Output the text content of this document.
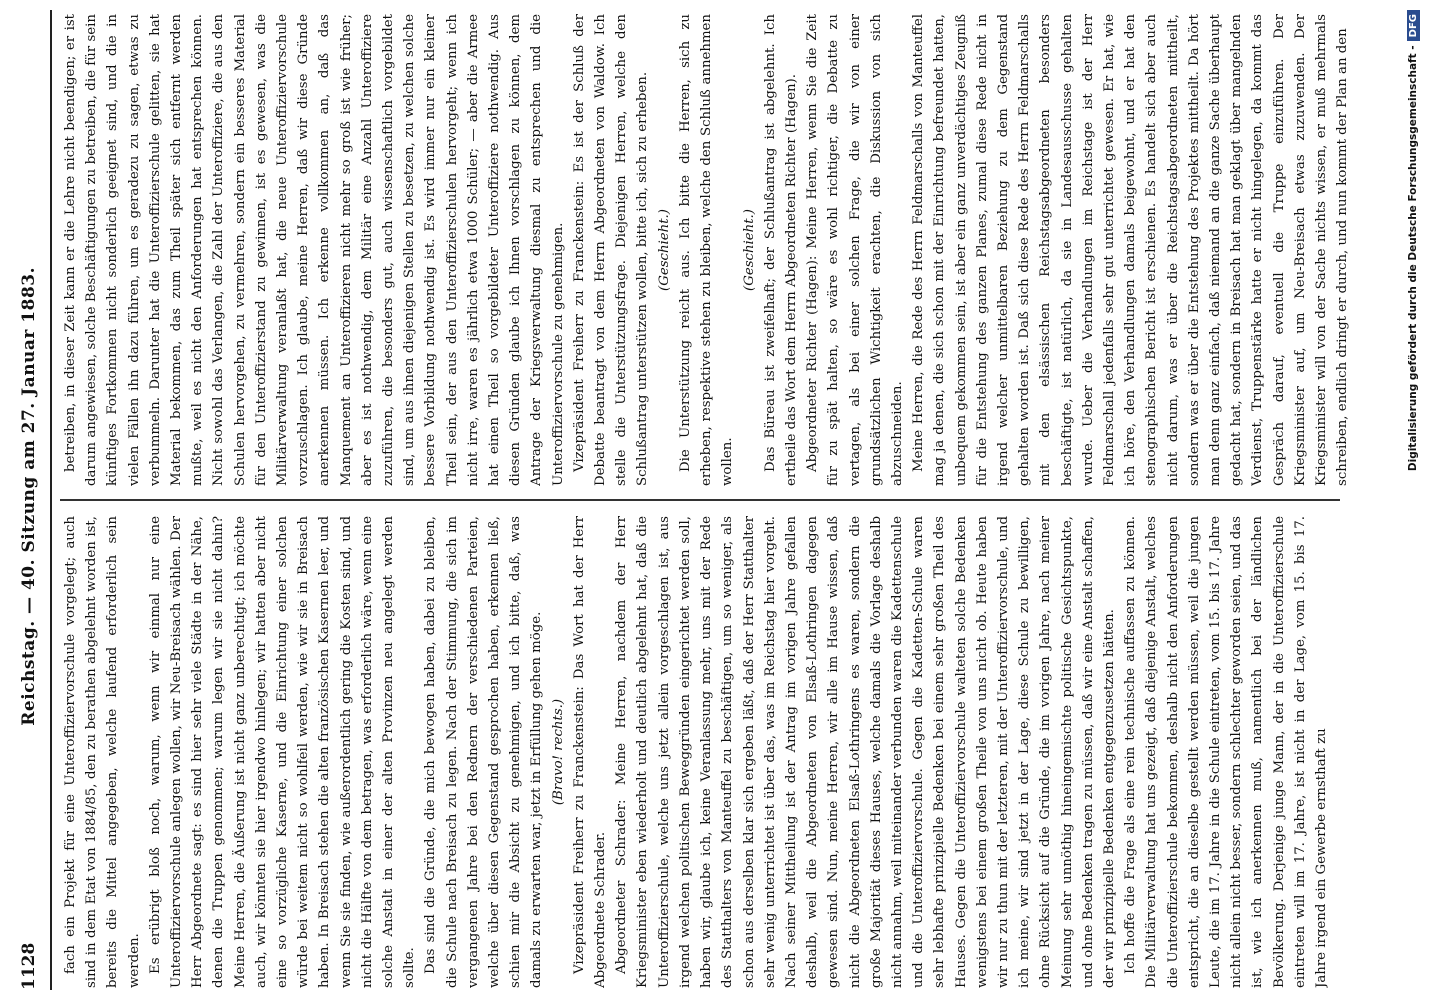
1128
Reichstag. — 40. Sitzung am 27. Januar 1883.

fach ein Projekt für eine Unteroffiziervorschule vorgelegt; auch sind in dem Etat von 1884/85, den zu berathen abgelehnt worden ist, bereits die Mittel angegeben, welche laufend erforderlich sein werden. Es erübrigt bloß noch, warum, wenn wir einmal nur eine Unteroffiziervorschule anlegen wollen, wir Neu-Breisach wählen. Der Herr Abgeordnete sagt: es sind hier sehr viele Städte in der Nähe, denen die Truppen genommen; warum legen wir sie nicht dahin? Meine Herren, die Äußerung ist nicht ganz unberechtigt; ich möchte auch, wir könnten sie hier irgendwo hinlegen; wir hatten aber nicht eine so vorzügliche Kaserne, und die Einrichtung einer solchen würde bei weitem nicht so wohlfeil werden, wie wir sie in Breisach haben. In Breisach stehen die alten französischen Kasernen leer, und wenn Sie sie finden, wie außerordentlich gering die Kosten sind, und nicht die Hälfte von dem betragen, was erforderlich wäre, wenn eine solche Anstalt in einer der alten Provinzen neu angelegt werden sollte. Das sind die Gründe, die mich bewogen haben, dabei zu bleiben, die Schule nach Breisach zu legen. Nach der Stimmung, die sich im vergangenen Jahre bei den Rednern der verschiedenen Parteien, welche über diesen Gegenstand gesprochen haben, erkennen ließ, schien mir die Absicht zu genehmigen, und ich bitte, daß, was damals zu erwarten war, jetzt in Erfüllung gehen möge. (Bravo! rechts.) Vizepräsident Freiherr zu Franckenstein: Das Wort hat der Herr Abgeordnete Schrader. Abgeordneter Schrader: Meine Herren, nachdem der Herr Kriegsminister eben wiederholt und deutlich abgelehnt hat, daß die Unteroffizierschule, welche uns jetzt allein vorgeschlagen ist, aus irgend welchen politischen Beweggründen eingerichtet werden soll, haben wir, glaube ich, keine Veranlassung mehr, uns mit der Rede des Statthalters von Manteuffel zu beschäftigen, um so weniger, als schon aus derselben klar sich ergeben läßt, daß der Herr Statthalter sehr wenig unterrichtet ist über das, was im Reichstag hier vorgeht. Nach seiner Mittheilung ist der Antrag im vorigen Jahre gefallen deshalb, weil die Abgeordneten von Elsaß-Lothringen dagegen gewesen sind. Nun, meine Herren, wir alle im Hause wissen, daß nicht die Abgeordneten Elsaß-Lothringens es waren, sondern die große Majorität dieses Hauses, welche damals die Vorlage deshalb nicht annahm, weil miteinander verbunden waren die Kadettenschule und die Unteroffiziervorschule. Gegen die Kadetten-Schule waren sehr lebhafte prinzipielle Bedenken bei einem sehr großen Theil des Hauses. Gegen die Unteroffiziervorschule walteten solche Bedenken wenigstens bei einem großen Theile von uns nicht ob. Heute haben wir nur zu thun mit der letzteren, mit der Unteroffiziervorschule, und ich meine, wir sind jetzt in der Lage, diese Schule zu bewilligen, ohne Rücksicht auf die Gründe, die im vorigen Jahre, nach meiner Meinung sehr unnöthig hineingemischte politische Gesichtspunkte, und ohne Bedenken tragen zu müssen, daß wir eine Anstalt schaffen, der wir prinzipielle Bedenken entgegenzusetzen hätten. Ich hoffe die Frage als eine rein technische auffassen zu können. Die Militärverwaltung hat uns gezeigt, daß diejenige Anstalt, welches die Unteroffizierschule bekommen, deshalb nicht den Anforderungen entspricht, die an dieselbe gestellt werden müssen, weil die jungen Leute, die im 17. Jahre in die Schule eintreten, vom 15. bis 17. Jahre nicht allein nicht besser, sondern schlechter geworden seien, und das ist, wie ich anerkennen muß, namentlich bei der ländlichen Bevölkerung. Derjenige junge Mann, der in die Unteroffizierschule eintreten will im 17. Jahre, ist nicht in der Lage, vom 15. bis 17. Jahre irgend ein Gewerbe ernsthaft zu

betreiben, in dieser Zeit kann er die Lehre nicht beendigen; er ist darum angewiesen, solche Beschäftigungen zu betreiben, die für sein künftiges Fortkommen nicht sonderlich geeignet sind, und die in vielen Fällen ihn dazu führen, um es geradezu zu sagen, etwas zu verbummeln. Darunter hat die Unteroffizierschule gelitten, sie hat Material bekommen, das zum Theil später sich entfernt werden mußte, weil es nicht den Anforderungen hat entsprechen können. Nicht sowohl das Verlangen, die Zahl der Unteroffiziere, die aus den Schulen hervorgehen, zu vermehren, sondern ein besseres Material für den Unteroffizierstand zu gewinnen, ist es gewesen, was die Militärverwaltung veranlaßt hat, die neue Unteroffiziervorschule vorzuschlagen. Ich glaube, meine Herren, daß wir diese Gründe anerkennen müssen. Ich erkenne vollkommen an, daß das Manquement an Unteroffizieren nicht mehr so groß ist wie früher; aber es ist nothwendig, dem Militär eine Anzahl Unteroffiziere zuzuführen, die besonders gut, auch wissenschaftlich vorgebildet sind, um aus ihnen diejenigen Stellen zu besetzen, zu welchen solche bessere Vorbildung nothwendig ist. Es wird immer nur ein kleiner Theil sein, der aus den Unteroffizierschulen hervorgeht; wenn ich nicht irre, waren es jährlich etwa 1000 Schüler; — aber die Armee hat einen Theil so vorgebildeter Unteroffiziere nothwendig. Aus diesen Gründen glaube ich Ihnen vorschlagen zu können, dem Antrage der Kriegsverwaltung diesmal zu entsprechen und die Unteroffiziervorschule zu genehmigen. Vizepräsident Freiherr zu Franckenstein: Es ist der Schluß der Debatte beantragt von dem Herrn Abgeordneten von Waldow. Ich stelle die Unterstützungsfrage. Diejenigen Herren, welche den Schlußantrag unterstützen wollen, bitte ich, sich zu erheben. (Geschieht.) Die Unterstützung reicht aus. Ich bitte die Herren, sich zu erheben, respektive stehen zu bleiben, welche den Schluß annehmen wollen.

(Geschieht.) Das Büreau ist zweifelhaft; der Schlußantrag ist abgelehnt. Ich ertheile das Wort dem Herrn Abgeordneten Richter (Hagen). Abgeordneter Richter (Hagen): Meine Herren, wenn Sie die Zeit für zu spät halten, so wäre es wohl richtiger, die Debatte zu vertagen, als bei einer solchen Frage, die wir von einer grundsätzlichen Wichtigkeit erachten, die Diskussion von sich abzuschneiden. Meine Herren, die Rede des Herrn Feldmarschalls von Manteuffel mag ja denen, die sich schon mit der Einrichtung befreundet hatten, unbequem gekommen sein, ist aber ein ganz unverdächtiges Zeugniß für die Entstehung des ganzen Planes, zumal diese Rede nicht in irgend welcher unmittelbaren Beziehung zu dem Gegenstand gehalten worden ist. Daß sich diese Rede des Herrn Feldmarschalls mit den elsässischen Reichstagsabgeordneten besonders beschäftigte, ist natürlich, da sie in Landesausschusse gehalten wurde. Ueber die Verhandlungen im Reichstage ist der Herr Feldmarschall jedenfalls sehr gut unterrichtet gewesen. Er hat, wie ich höre, den Verhandlungen damals beigewohnt, und er hat den stenographischen Bericht ist erschienen. Es handelt sich aber auch nicht darum, was er über die Reichstagsabgeordneten mittheilt, sondern was er über die Entstehung des Projektes mittheilt. Da hört man denn ganz einfach, daß niemand an die ganze Sache überhaupt gedacht hat, sondern in Breisach hat man geklagt über mangelnden Verdienst, Truppenstärke hatte er nicht hingelegen, da kommt das Gespräch darauf, eventuell die Truppe einzuführen. Der Kriegsminister auf, um Neu-Breisach etwas zuzuwenden. Der Kriegsminister will von der Sache nichts wissen, er muß mehrmals schreiben, endlich dringt er durch, und nun kommt der Plan an den	Digitalisierung gefördert durch die Deutsche Forschungsgemeinschaft -
DFG
